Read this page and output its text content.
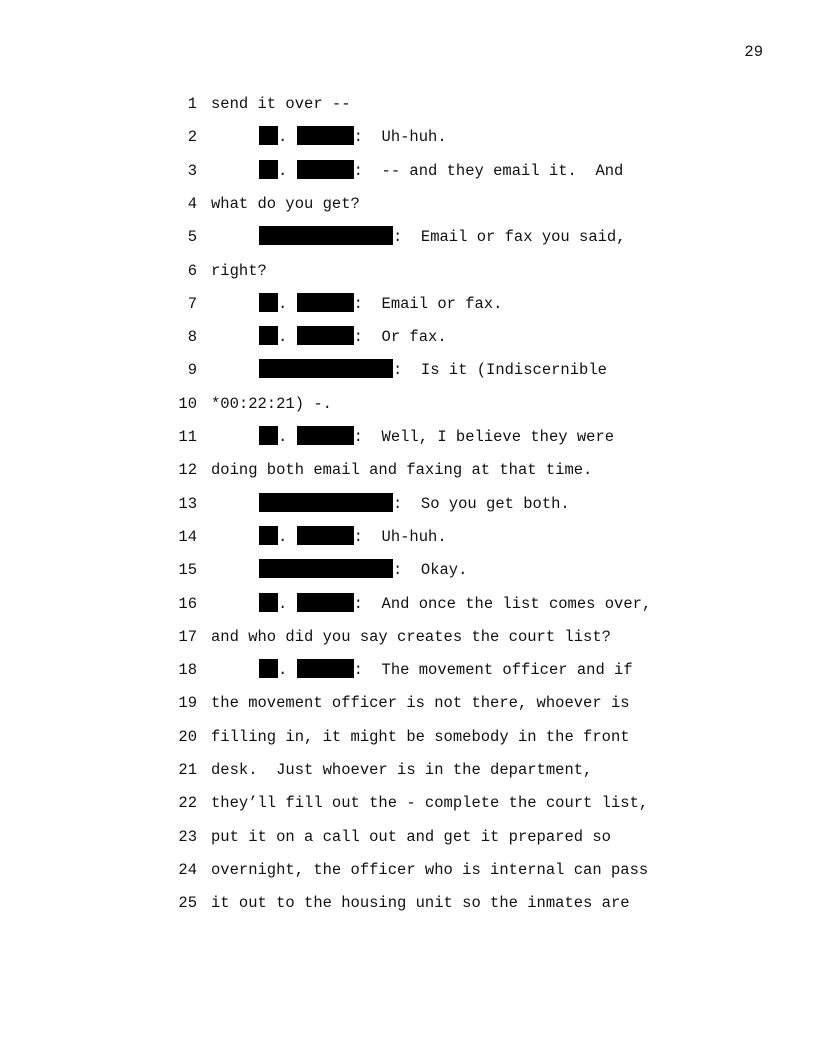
29
1 send it over --
2	.	:  Uh-huh.
3	.	:  -- and they email it.  And
4 what do you get?
5	:  Email or fax you said,
6 right?
7	.	:  Email or fax.
8	.	:  Or fax.
9	:  Is it (Indiscernible
10 *00:22:21) -.
11	.	:  Well, I believe they were
12 doing both email and faxing at that time.
13	:  So you get both.
14	.	:  Uh-huh.
15	:  Okay.
16	.	:  And once the list comes over,
17 and who did you say creates the court list?
18	.	:  The movement officer and if
19 the movement officer is not there, whoever is
20 filling in, it might be somebody in the front
21 desk.  Just whoever is in the department,
22 they’ll fill out the - complete the court list,
23 put it on a call out and get it prepared so
24 overnight, the officer who is internal can pass
25 it out to the housing unit so the inmates are
